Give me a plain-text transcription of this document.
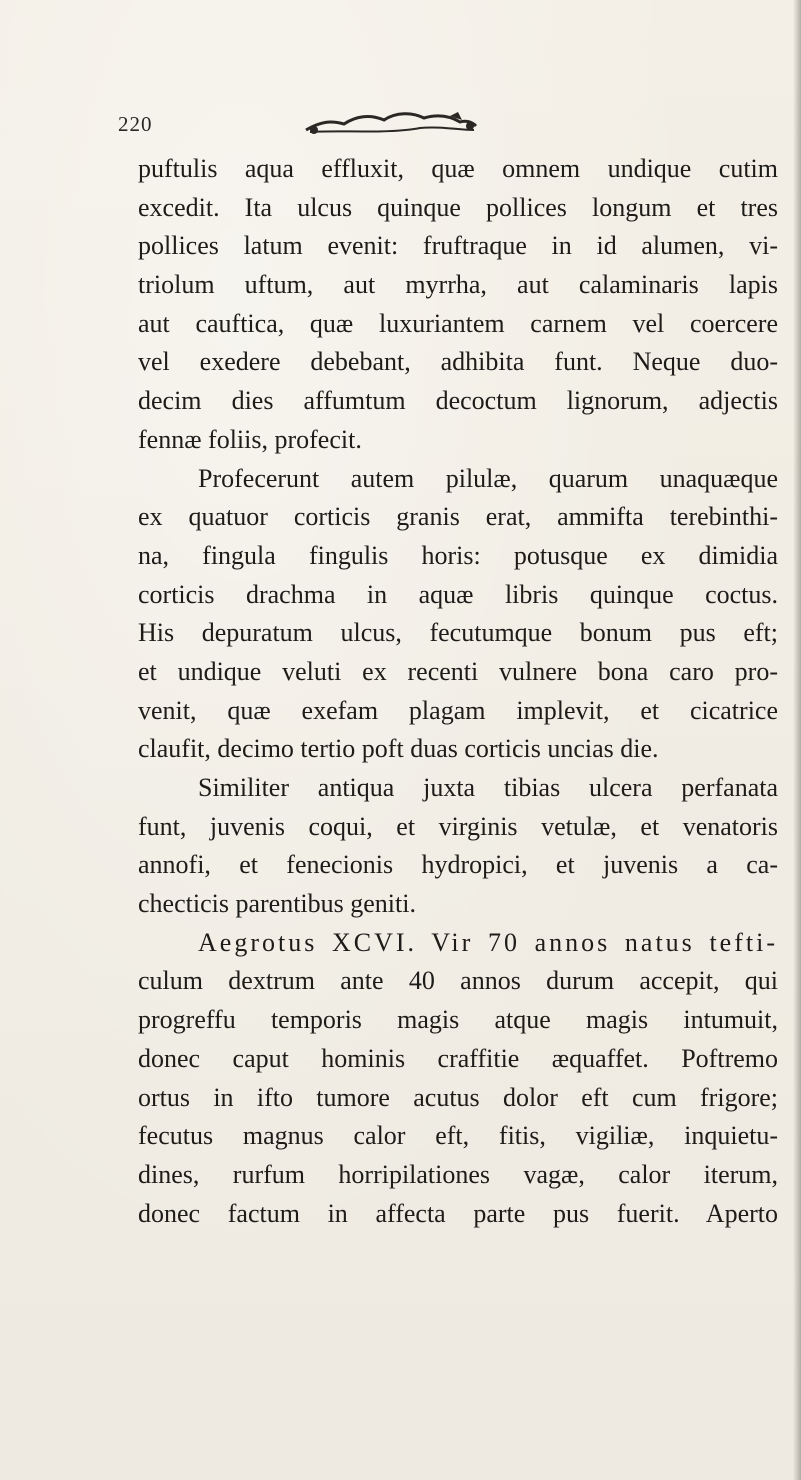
220
puftulis aqua effluxit, quæ omnem undique cutim
excedit. Ita ulcus quinque pollices longum et tres
pollices latum evenit: fruftraque in id alumen, vi-
triolum uftum, aut myrrha, aut calaminaris lapis
aut cauftica, quæ luxuriantem carnem vel coercere
vel exedere debebant, adhibita funt. Neque duo-
decim dies affumtum decoctum lignorum, adjectis
fennæ foliis, profecit.
Profecerunt autem pilulæ, quarum unaquæque
ex quatuor corticis granis erat, ammifta terebinthi-
na, fingula fingulis horis: potusque ex dimidia
corticis drachma in aquæ libris quinque coctus.
His depuratum ulcus, fecutumque bonum pus eft;
et undique veluti ex recenti vulnere bona caro pro-
venit, quæ exefam plagam implevit, et cicatrice
claufit, decimo tertio poft duas corticis uncias die.
Similiter antiqua juxta tibias ulcera perfanata
funt, juvenis coqui, et virginis vetulæ, et venatoris
annofi, et fenecionis hydropici, et juvenis a ca-
checticis parentibus geniti.
Aegrotus XCVI. Vir 70 annos natus tefti-
culum dextrum ante 40 annos durum accepit, qui
progreffu temporis magis atque magis intumuit,
donec caput hominis craffitie æquaffet. Poftremo
ortus in ifto tumore acutus dolor eft cum frigore;
fecutus magnus calor eft, fitis, vigiliæ, inquietu-
dines, rurfum horripilationes vagæ, calor iterum,
donec factum in affecta parte pus fuerit. Aperto
